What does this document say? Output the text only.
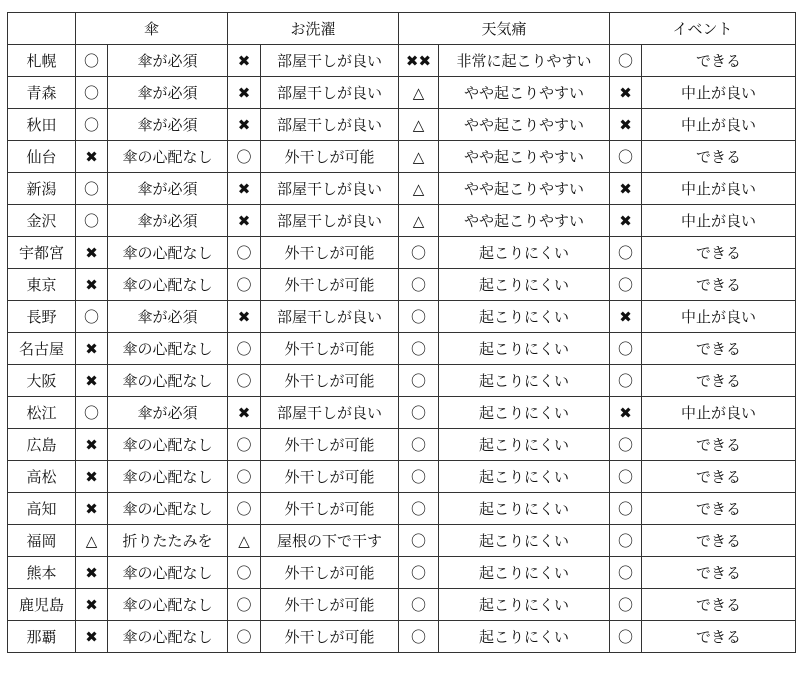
	傘		お洗濯		天気痛		イベント	
札幌	〇	傘が必須	✖	部屋干しが良い	✖✖	非常に起こりやすい	〇	できる
青森	〇	傘が必須	✖	部屋干しが良い	△	やや起こりやすい	✖	中止が良い
秋田	〇	傘が必須	✖	部屋干しが良い	△	やや起こりやすい	✖	中止が良い
仙台	✖	傘の心配なし	〇	外干しが可能	△	やや起こりやすい	〇	できる
新潟	〇	傘が必須	✖	部屋干しが良い	△	やや起こりやすい	✖	中止が良い
金沢	〇	傘が必須	✖	部屋干しが良い	△	やや起こりやすい	✖	中止が良い
宇都宮	✖	傘の心配なし	〇	外干しが可能	〇	起こりにくい	〇	できる
東京	✖	傘の心配なし	〇	外干しが可能	〇	起こりにくい	〇	できる
長野	〇	傘が必須	✖	部屋干しが良い	〇	起こりにくい	✖	中止が良い
名古屋	✖	傘の心配なし	〇	外干しが可能	〇	起こりにくい	〇	できる
大阪	✖	傘の心配なし	〇	外干しが可能	〇	起こりにくい	〇	できる
松江	〇	傘が必須	✖	部屋干しが良い	〇	起こりにくい	✖	中止が良い
広島	✖	傘の心配なし	〇	外干しが可能	〇	起こりにくい	〇	できる
高松	✖	傘の心配なし	〇	外干しが可能	〇	起こりにくい	〇	できる
高知	✖	傘の心配なし	〇	外干しが可能	〇	起こりにくい	〇	できる
福岡	△	折りたたみを	△	屋根の下で干す	〇	起こりにくい	〇	できる
熊本	✖	傘の心配なし	〇	外干しが可能	〇	起こりにくい	〇	できる
鹿児島	✖	傘の心配なし	〇	外干しが可能	〇	起こりにくい	〇	できる
那覇	✖	傘の心配なし	〇	外干しが可能	〇	起こりにくい	〇	できる
